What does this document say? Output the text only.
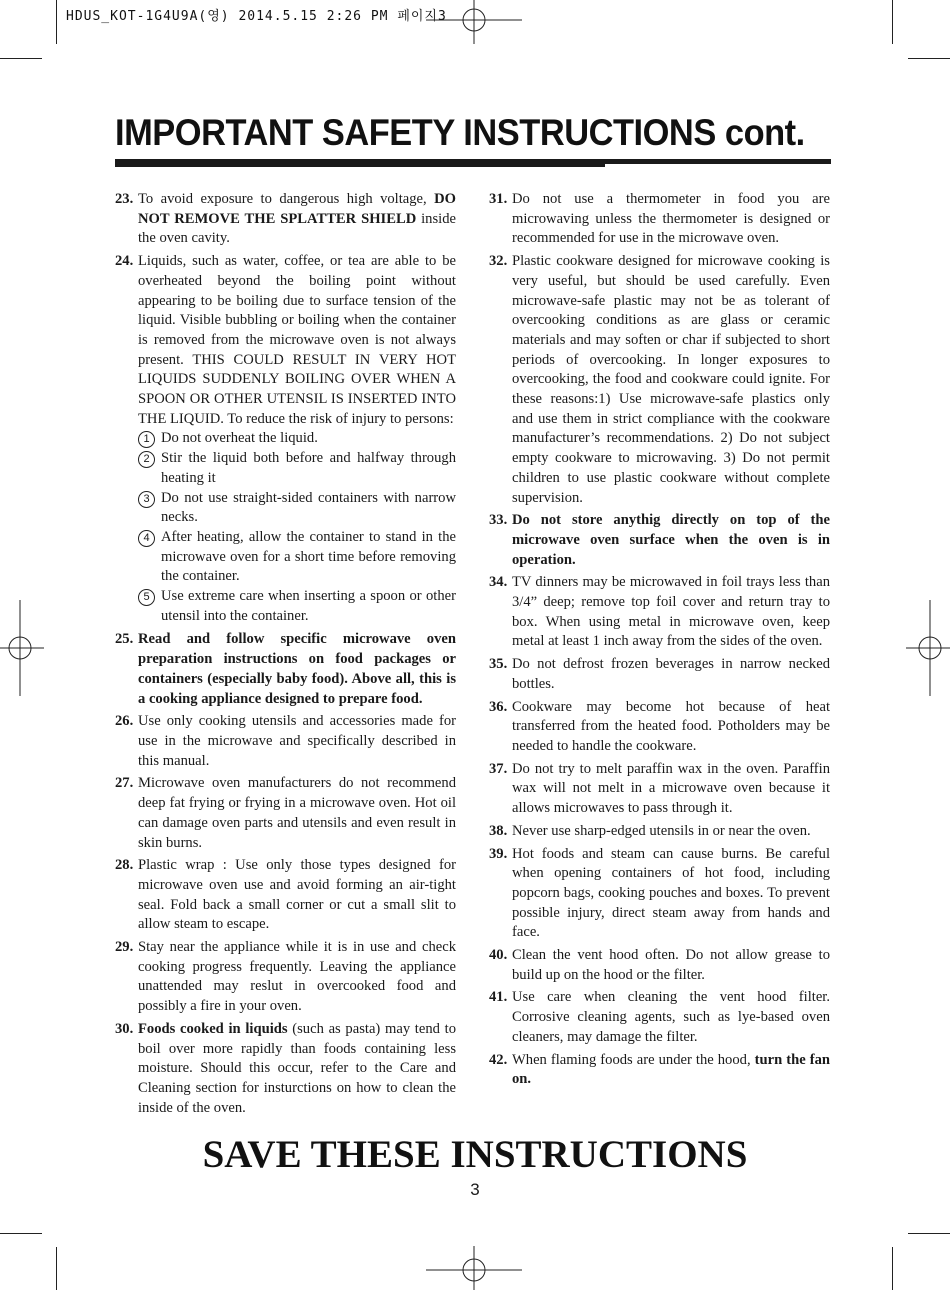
HDUS_KOT-1G4U9A(영) 2014.5.15 2:26 PM 페이지3
IMPORTANT SAFETY INSTRUCTIONS cont.
23. To avoid exposure to dangerous high voltage, DO NOT REMOVE THE SPLATTER SHIELD inside the oven cavity.
24. Liquids, such as water, coffee, or tea are able to be overheated beyond the boiling point without appearing to be boiling due to surface tension of the liquid. Visible bubbling or boiling when the container is removed from the microwave oven is not always present. THIS COULD RESULT IN VERY HOT LIQUIDS SUDDENLY BOILING OVER WHEN A SPOON OR OTHER UTENSIL IS INSERTED INTO THE LIQUID. To reduce the risk of injury to persons:
1 Do not overheat the liquid.
2 Stir the liquid both before and halfway through heating it
3 Do not use straight-sided containers with narrow necks.
4 After heating, allow the container to stand in the microwave oven for a short time before removing the container.
5 Use extreme care when inserting a spoon or other utensil into the container.
25. Read and follow specific microwave oven preparation instructions on food packages or containers (especially baby food). Above all, this is a cooking appliance designed to prepare food.
26. Use only cooking utensils and accessories made for use in the microwave and specifically described in this manual.
27. Microwave oven manufacturers do not recommend deep fat frying or frying in a microwave oven. Hot oil can damage oven parts and utensils and even result in skin burns.
28. Plastic wrap : Use only those types designed for microwave oven use and avoid forming an air-tight seal. Fold back a small corner or cut a small slit to allow steam to escape.
29. Stay near the appliance while it is in use and check cooking progress frequently. Leaving the appliance unattended may reslut in overcooked food and possibly a fire in your oven.
30. Foods cooked in liquids (such as pasta) may tend to boil over more rapidly than foods containing less moisture. Should this occur, refer to the Care and Cleaning section for insturctions on how to clean the inside of the oven.
31. Do not use a thermometer in food you are microwaving unless the thermometer is designed or recommended for use in the microwave oven.
32. Plastic cookware designed for microwave cooking is very useful, but should be used carefully. Even microwave-safe plastic may not be as tolerant of overcooking conditions as are glass or ceramic materials and may soften or char if subjected to short periods of overcooking. In longer exposures to overcooking, the food and cookware could ignite. For these reasons:1) Use microwave-safe plastics only and use them in strict compliance with the cookware manufacturer’s recommendations. 2) Do not subject empty cookware to microwaving. 3) Do not permit children to use plastic cookware without complete supervision.
33. Do not store anythig directly on top of the microwave oven surface when the oven is in operation.
34. TV dinners may be microwaved in foil trays less than 3/4” deep; remove top foil cover and return tray to box. When using metal in microwave oven, keep metal at least 1 inch away from the sides of the oven.
35. Do not defrost frozen beverages in narrow necked bottles.
36. Cookware may become hot because of heat transferred from the heated food. Potholders may be needed to handle the cookware.
37. Do not try to melt paraffin wax in the oven. Paraffin wax will not melt in a microwave oven because it allows microwaves to pass through it.
38. Never use sharp-edged utensils in or near the oven.
39. Hot foods and steam can cause burns. Be careful when opening containers of hot food, including popcorn bags, cooking pouches and boxes. To prevent possible injury, direct steam away from hands and face.
40. Clean the vent hood often. Do not allow grease to build up on the hood or the filter.
41. Use care when cleaning the vent hood filter. Corrosive cleaning agents, such as lye-based oven cleaners, may damage the filter.
42. When flaming foods are under the hood, turn the fan on.
SAVE THESE INSTRUCTIONS
3
